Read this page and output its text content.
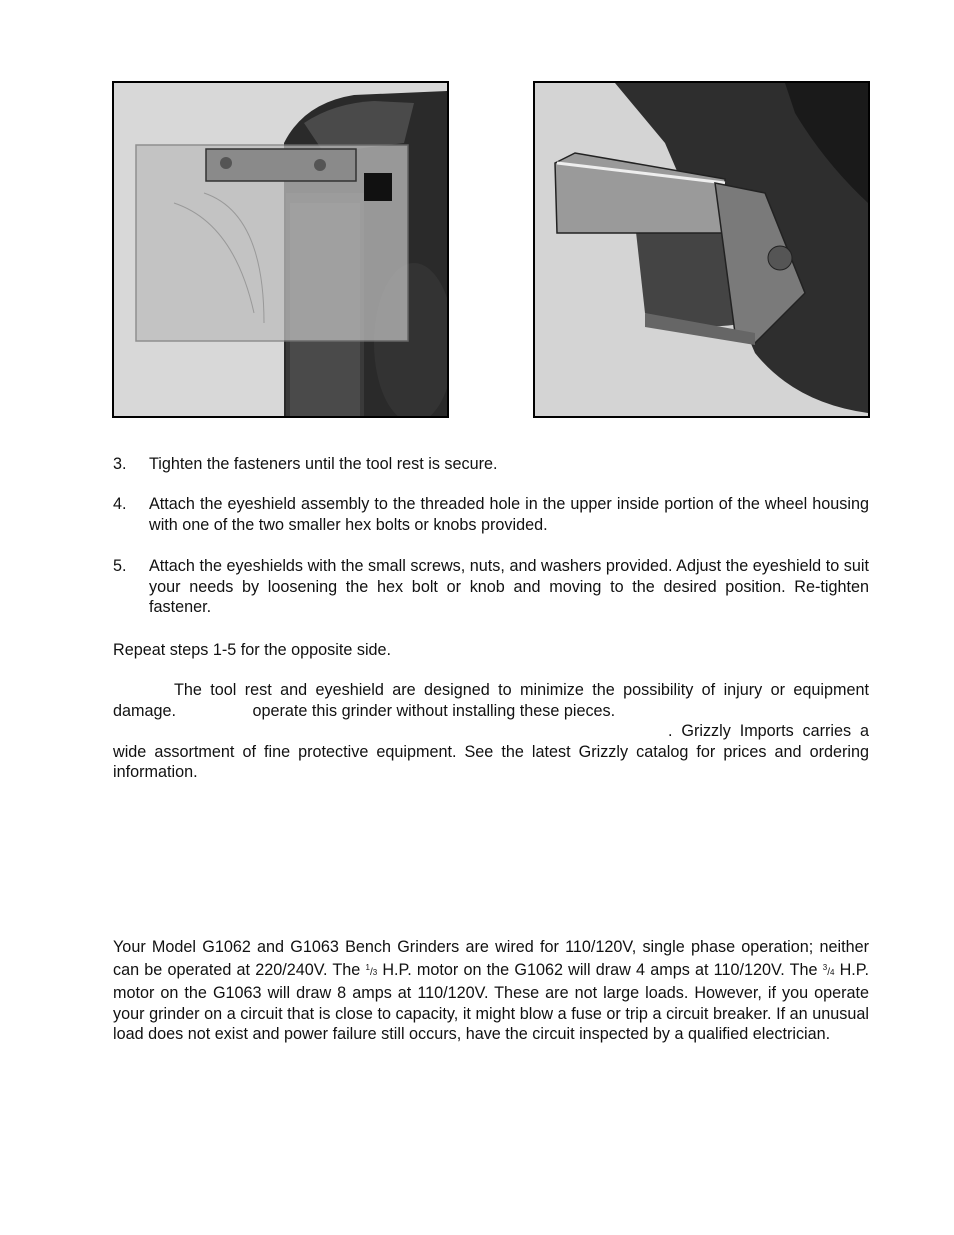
3.	Tighten the fasteners until the tool rest is secure.
4.	Attach the eyeshield assembly to the threaded hole in the upper inside portion of the wheel housing with one of the two smaller hex bolts or knobs provided.
5.	Attach the eyeshields with the small screws, nuts, and washers provided. Adjust the eyeshield to suit your needs by loosening the hex bolt or knob and moving to the desired position. Re-tighten fastener.
Repeat steps 1-5 for the opposite side.
The tool rest and eyeshield are designed to minimize the possibility of injury or equipment damage.	operate this grinder without installing these pieces.
. Grizzly Imports carries a wide assortment of fine protective equipment. See the latest Grizzly catalog for prices and ordering information.
Your Model G1062 and G1063 Bench Grinders are wired for 110/120V, single phase operation; neither can be operated at 220/240V. The $^1$/3 H.P. motor on the G1062 will draw 4 amps at 110/120V. The $^3$/4 H.P. motor on the G1063 will draw 8 amps at 110/120V. These are not large loads. However, if you operate your grinder on a circuit that is close to capacity, it might blow a fuse or trip a circuit breaker. If an unusual load does not exist and power failure still occurs, have the circuit inspected by a qualified electrician.
